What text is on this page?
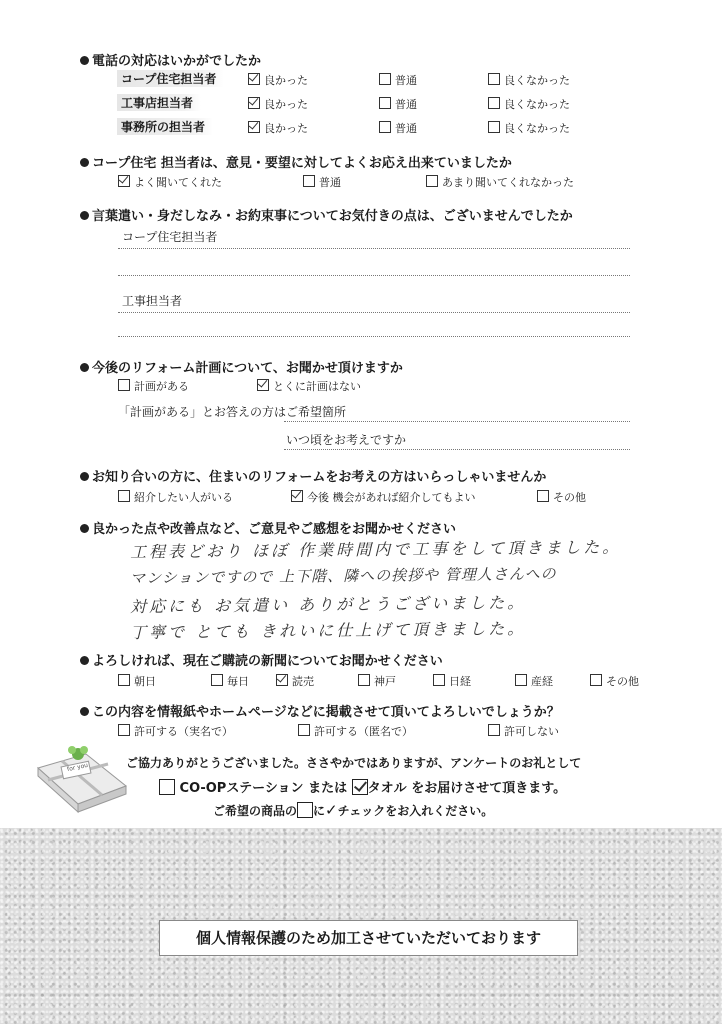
電話の対応はいかがでしたか
コープ住宅担当者	良かった	普通	良くなかった
工事店担当者	良かった	普通	良くなかった
事務所の担当者	良かった	普通	良くなかった
コープ住宅 担当者は、意見・要望に対してよくお応え出来ていましたか
よく聞いてくれた	普通	あまり聞いてくれなかった
言葉遣い・身だしなみ・お約束事についてお気付きの点は、ございませんでしたか
コープ住宅担当者
工事担当者
今後のリフォーム計画について、お聞かせ頂けますか
計画がある	とくに計画はない
「計画がある」とお答えの方は ご希望箇所
いつ頃をお考えですか
お知り合いの方に、住まいのリフォームをお考えの方はいらっしゃいませんか
紹介したい人がいる	今後 機会があれば紹介してもよい	その他
良かった点や改善点など、ご意見やご感想をお聞かせください
工程表どおり ほぼ 作業時間内で工事をして頂きました。
マンションですので 上下階、隣への挨拶や 管理人さんへの
対応にも お気遣い ありがとうございました。
丁寧で とても きれいに仕上げて頂きました。
よろしければ、現在ご購読の新聞についてお聞かせください
朝日	毎日	読売	神戸	日経	産経	その他
この内容を情報紙やホームページなどに掲載させて頂いてよろしいでしょうか？
許可する（実名で）	許可する（匿名で）	許可しない
for you	ご協力ありがとうございました。ささやかではありますが、アンケートのお礼として
CO-OPステーション または タオル をお届けさせて頂きます。
ご希望の商品の に✓チェックをお入れください。
個人情報保護のため加工させていただいております
